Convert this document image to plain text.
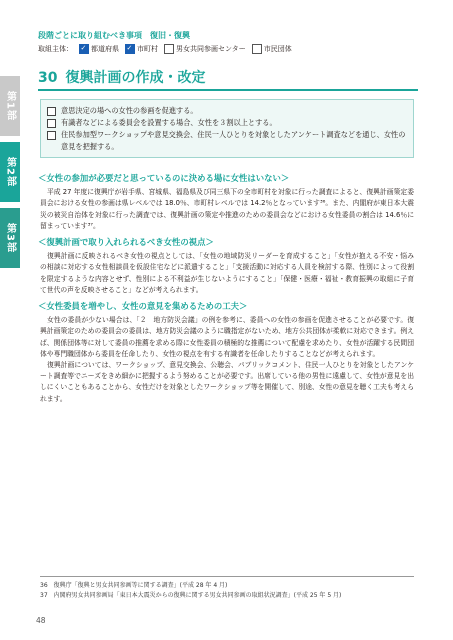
第1部
第2部
第3部
段階ごとに取り組むべき事項 復旧・復興
取組主体： ✓	都道府県 ✓	市町村	男女共同参画センター	市民団体
30 復興計画の作成・改定
意思決定の場への女性の参画を促進する。
有識者などによる委員会を設置する場合、女性を３割以上とする。
住民参加型ワークショップや意見交換会、住民一人ひとりを対象としたアンケート調査などを通じ、女性の意見を把握する。
＜女性の参加が必要だと思っているのに決める場に女性はいない＞

平成 27 年度に復興庁が岩手県、宮城県、福島県及び同三県下の全市町村を対象に行った調査によると、復興計画策定委員会における女性の参画は県レベルでは 18.0％、市町村レベルでは 14.2％となっています³⁶。また、内閣府が東日本大震災の被災自治体を対象に行った調査では、復興計画の策定や推進のための委員会などにおける女性委員の割合は 14.6％に留まっています³⁷。

＜復興計画で取り入れられるべき女性の視点＞

復興計画に反映されるべき女性の視点としては、「女性の地域防災リーダーを育成すること」「女性が抱える不安・悩みの相談に対応する女性相談員を仮設住宅などに派遣すること」「支援活動に対応する人員を検討する際、性別によって役割を限定するような内容とせず、性別による不利益が生じないようにすること」「保健・医療・福祉・教育振興の取組に子育て世代の声を反映させること」などが考えられます。

＜女性委員を増やし、女性の意見を集めるための工夫＞

女性の委員が少ない場合は、「２　地方防災会議」の例を参考に、委員への女性の参画を促進させることが必要です。復興計画策定のための委員会の委員は、地方防災会議のように職指定がないため、地方公共団体が柔軟に対応できます。例えば、関係団体等に対して委員の推薦を求める際に女性委員の積極的な推薦について配慮を求めたり、女性が活躍する民間団体や専門職団体から委員を任命したり、女性の視点を有する有識者を任命したりすることなどが考えられます。

復興計画については、ワークショップ、意見交換会、公聴会、パブリックコメント、住民一人ひとりを対象としたアンケート調査等でニーズをきめ細かに把握するよう努めることが必要です。出席している他の男性に遠慮して、女性が意見を出しにくいこともあることから、女性だけを対象としたワークショップ等を開催して、別途、女性の意見を聴く工夫も考えられます。

36　復興庁「復興と男女共同参画等に関する調査」(平成 28 年 4 月)
37　内閣府男女共同参画局「東日本大震災からの復興に関する男女共同参画の取組状況調査」(平成 25 年 5 月)
48
